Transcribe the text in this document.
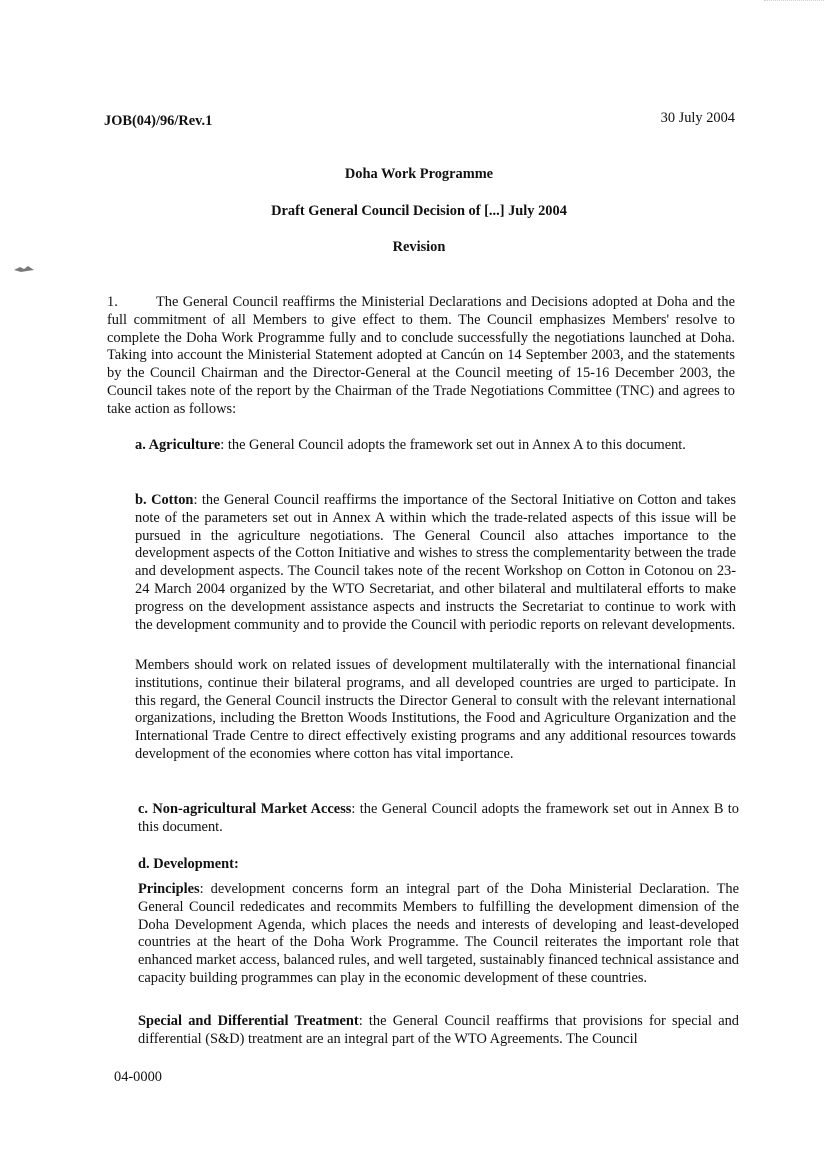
JOB(04)/96/Rev.1	30 July 2004
Doha Work Programme
Draft General Council Decision of [...] July 2004
Revision

1.	The General Council reaffirms the Ministerial Declarations and Decisions adopted at Doha and the full commitment of all Members to give effect to them. The Council emphasizes Members' resolve to complete the Doha Work Programme fully and to conclude successfully the negotiations launched at Doha. Taking into account the Ministerial Statement adopted at Cancún on 14 September 2003, and the statements by the Council Chairman and the Director-General at the Council meeting of 15-16 December 2003, the Council takes note of the report by the Chairman of the Trade Negotiations Committee (TNC) and agrees to take action as follows:

a. Agriculture: the General Council adopts the framework set out in Annex A to this document.

b. Cotton: the General Council reaffirms the importance of the Sectoral Initiative on Cotton and takes note of the parameters set out in Annex A within which the trade-related aspects of this issue will be pursued in the agriculture negotiations. The General Council also attaches importance to the development aspects of the Cotton Initiative and wishes to stress the complementarity between the trade and development aspects. The Council takes note of the recent Workshop on Cotton in Cotonou on 23-24 March 2004 organized by the WTO Secretariat, and other bilateral and multilateral efforts to make progress on the development assistance aspects and instructs the Secretariat to continue to work with the development community and to provide the Council with periodic reports on relevant developments.

Members should work on related issues of development multilaterally with the international financial institutions, continue their bilateral programs, and all developed countries are urged to participate. In this regard, the General Council instructs the Director General to consult with the relevant international organizations, including the Bretton Woods Institutions, the Food and Agriculture Organization and the International Trade Centre to direct effectively existing programs and any additional resources towards development of the economies where cotton has vital importance.

c. Non-agricultural Market Access: the General Council adopts the framework set out in Annex B to this document.

d. Development:

Principles: development concerns form an integral part of the Doha Ministerial Declaration. The General Council rededicates and recommits Members to fulfilling the development dimension of the Doha Development Agenda, which places the needs and interests of developing and least-developed countries at the heart of the Doha Work Programme. The Council reiterates the important role that enhanced market access, balanced rules, and well targeted, sustainably financed technical assistance and capacity building programmes can play in the economic development of these countries.

Special and Differential Treatment: the General Council reaffirms that provisions for special and differential (S&D) treatment are an integral part of the WTO Agreements. The Council

04-0000
